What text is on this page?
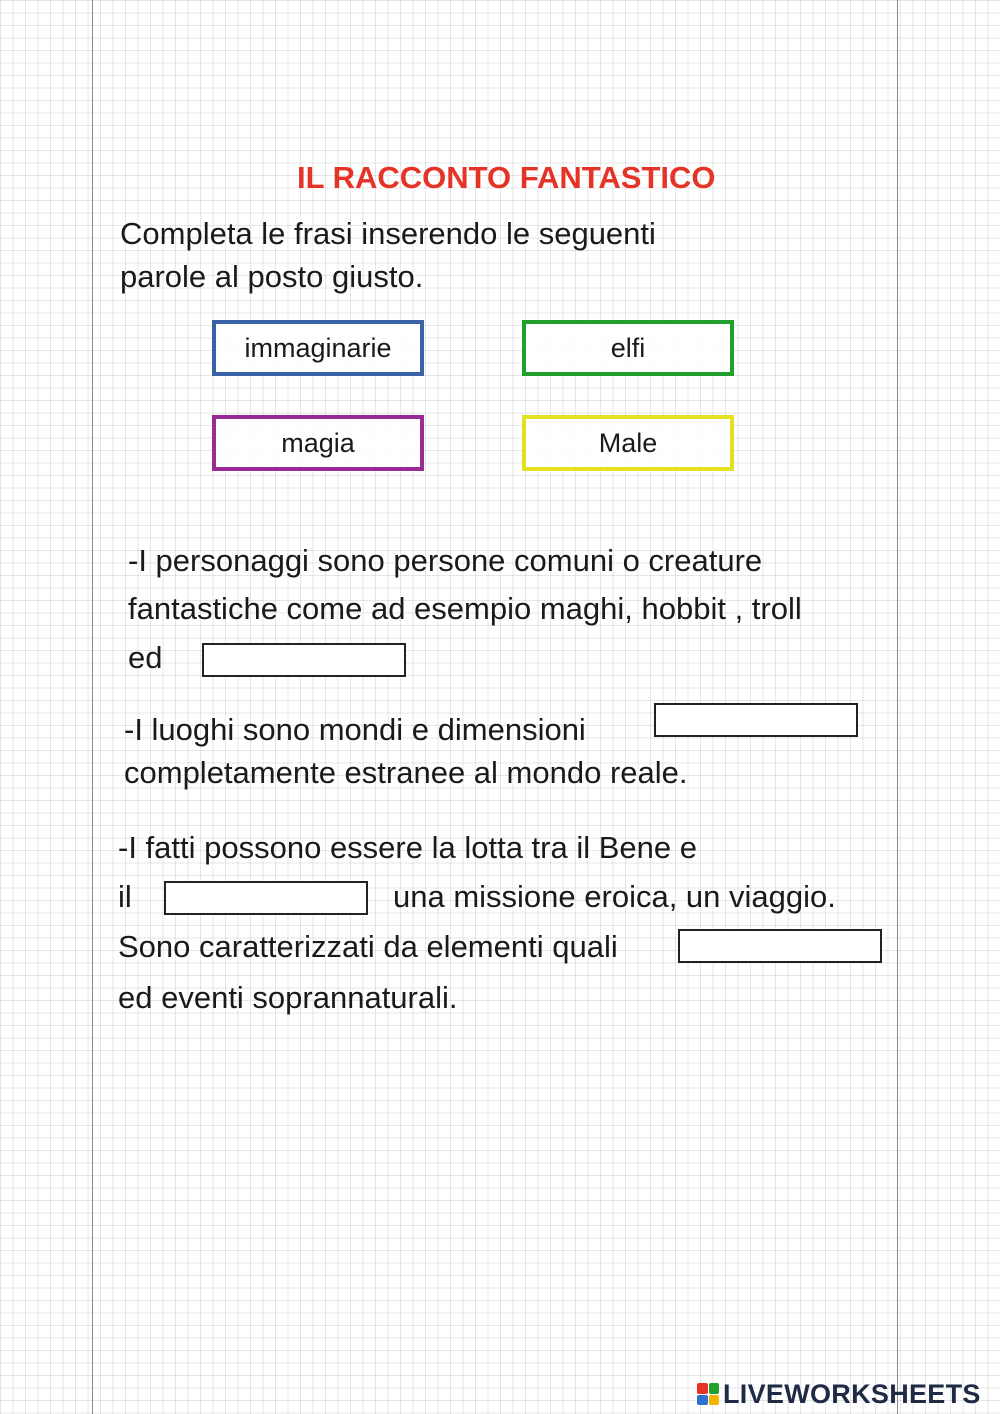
IL RACCONTO FANTASTICO
Completa le frasi inserendo le seguenti
parole al posto giusto.
immaginarie	elfi
magia	Male
-I personaggi sono persone comuni o creature
fantastiche come ad esempio maghi, hobbit , troll
ed
-I luoghi sono mondi e dimensioni
completamente estranee al mondo reale.
-I fatti possono essere la lotta tra il Bene e
il	una missione eroica, un viaggio.
Sono caratterizzati da elementi quali
ed eventi soprannaturali.
LIVEWORKSHEETS
